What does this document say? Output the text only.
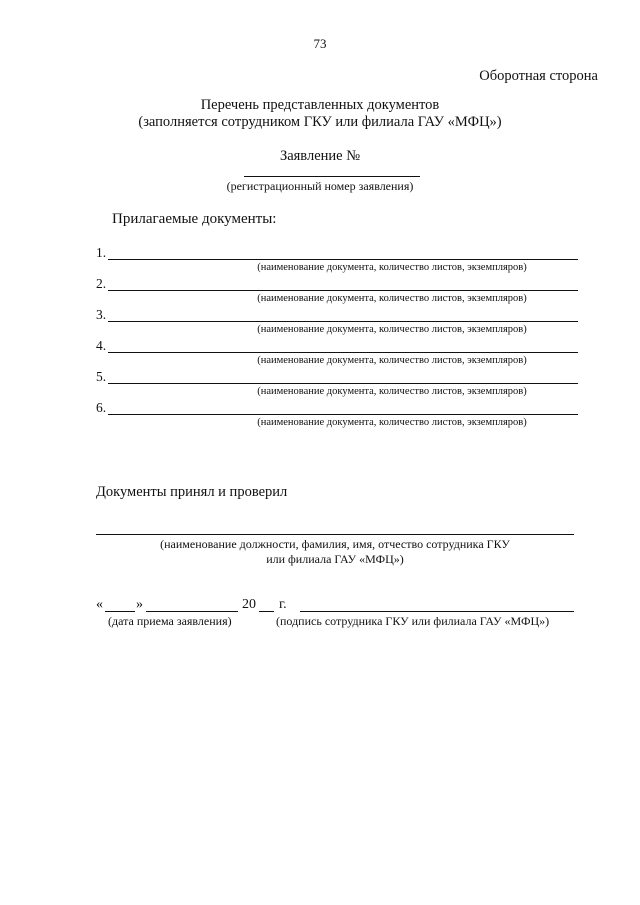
73
Оборотная сторона
Перечень представленных документов
(заполняется сотрудником ГКУ или филиала ГАУ «МФЦ»)
Заявление №
(регистрационный номер заявления)
Прилагаемые документы:
1.
(наименование документа, количество листов, экземпляров)
2.
(наименование документа, количество листов, экземпляров)
3.
(наименование документа, количество листов, экземпляров)
4.
(наименование документа, количество листов, экземпляров)
5.
(наименование документа, количество листов, экземпляров)
6.
(наименование документа, количество листов, экземпляров)
Документы принял и проверил
(наименование должности, фамилия, имя, отчество сотрудника ГКУ
или филиала ГАУ «МФЦ»)
« »	20 г.
(дата приема заявления)	(подпись сотрудника ГКУ или филиала ГАУ «МФЦ»)
